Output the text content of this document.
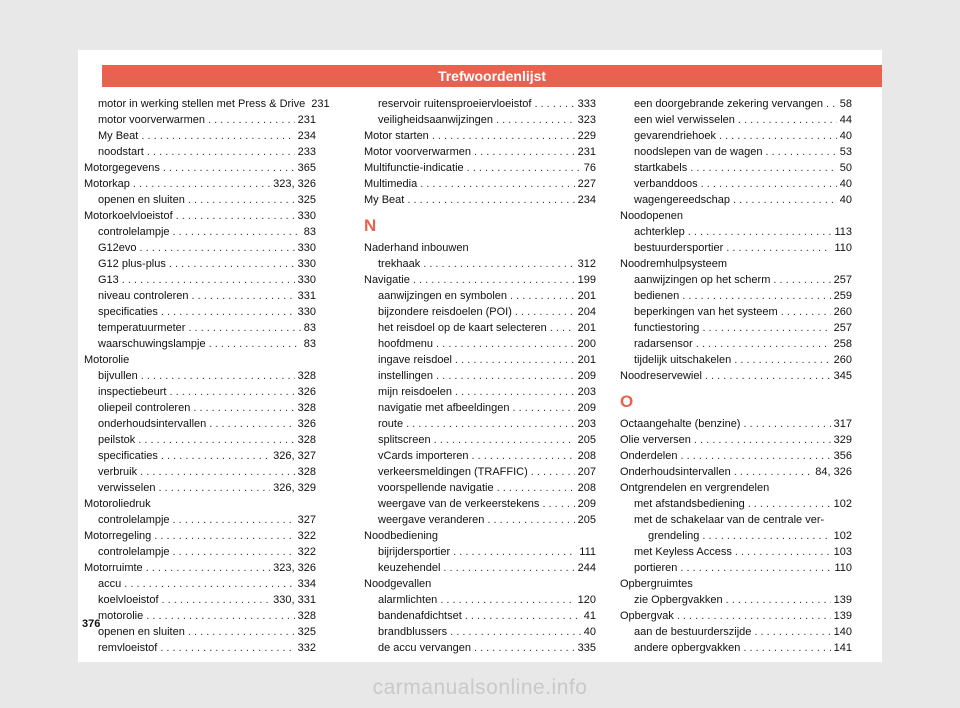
Trefwoordenlijst
motor in werking stellen met Press & Drive 231
motor voorverwarmen . . .	231
My Beat . . .	234
noodstart . . .	233
Motorgegevens . . .	365
Motorkap . . .	323, 326
openen en sluiten . . .	325
Motorkoelvloeistof . . .	330
controlelampje . . .	83
G12evo . . .	330
G12 plus-plus . . .	330
G13 . . .	330
niveau controleren . . .	331
specificaties . . .	330
temperatuurmeter . . .	83
waarschuwingslampje . . .	83
Motorolie
bijvullen . . .	328
inspectiebeurt . . .	326
oliepeil controleren . . .	328
onderhoudsintervallen . . .	326
peilstok . . .	328
specificaties . . .	326, 327
verbruik . . .	328
verwisselen . . .	326, 329
Motoroliedruk
controlelampje . . .	327
Motorregeling . . .	322
controlelampje . . .	322
Motorruimte . . .	323, 326
accu . . .	334
koelvloeistof . . .	330, 331
motorolie . . .	328
openen en sluiten . . .	325
remvloeistof . . .	332
reservoir ruitensproeiervloeistof . . .	333
veiligheidsaanwijzingen . . .	323
Motor starten . . .	229
Motor voorverwarmen . . .	231
Multifunctie-indicatie . . .	76
Multimedia . . .	227
My Beat . . .	234
N
Naderhand inbouwen
trekhaak . . .	312
Navigatie . . .	199
aanwijzingen en symbolen . . .	201
bijzondere reisdoelen (POI) . . .	204
het reisdoel op de kaart selecteren . . .	201
hoofdmenu . . .	200
ingave reisdoel . . .	201
instellingen . . .	209
mijn reisdoelen . . .	203
navigatie met afbeeldingen . . .	209
route . . .	203
splitscreen . . .	205
vCards importeren . . .	208
verkeersmeldingen (TRAFFIC) . . .	207
voorspellende navigatie . . .	208
weergave van de verkeerstekens . . .	209
weergave veranderen . . .	205
Noodbediening
bijrijdersportier . . .	111
keuzehendel . . .	244
Noodgevallen
alarmlichten . . .	120
bandenafdichtset . . .	41
brandblussers . . .	40
de accu vervangen . . .	335
een doorgebrande zekering vervangen . . . 58
een wiel verwisselen . . .	44
gevarendriehoek . . .	40
noodslepen van de wagen . . .	53
startkabels . . .	50
verbanddoos . . .	40
wagengereedschap . . .	40
Noodopenen
achterklep . . .	113
bestuurdersportier . . .	110
Noodremhulpsysteem
aanwijzingen op het scherm . . .	257
bedienen . . .	259
beperkingen van het systeem . . .	260
functiestoring . . .	257
radarsensor . . .	258
tijdelijk uitschakelen . . .	260
Noodreservewiel . . .	345
O
Octaangehalte (benzine) . . .	317
Olie verversen . . .	329
Onderdelen . . .	356
Onderhoudsintervallen . . .	84, 326
Ontgrendelen en vergrendelen
met afstandsbediening . . .	102
met de schakelaar van de centrale ver-
grendeling . . .	102
met Keyless Access . . .	103
portieren . . .	110
Opbergruimtes
zie Opbergvakken . . .	139
Opbergvak . . .	139
aan de bestuurderszijde . . .	140
andere opbergvakken . . .	141
376
carmanualsonline.info
